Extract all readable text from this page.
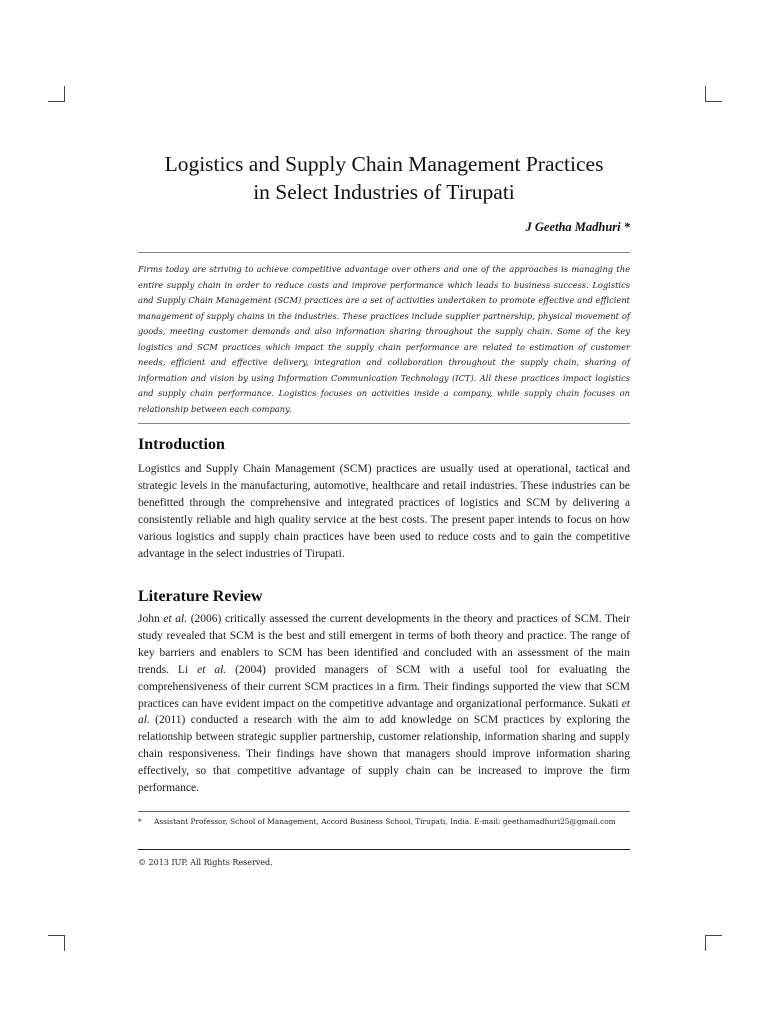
Logistics and Supply Chain Management Practices
in Select Industries of Tirupati
J Geetha Madhuri *

Firms today are striving to achieve competitive advantage over others and one of the approaches is managing the entire supply chain in order to reduce costs and improve performance which leads to business success. Logistics and Supply Chain Management (SCM) practices are a set of activities undertaken to promote effective and efficient management of supply chains in the industries. These practices include supplier partnership, physical movement of goods, meeting customer demands and also information sharing throughout the supply chain. Some of the key logistics and SCM practices which impact the supply chain performance are related to estimation of customer needs, efficient and effective delivery, integration and collaboration throughout the supply chain, sharing of information and vision by using Information Communication Technology (ICT). All these practices impact logistics and supply chain performance. Logistics focuses on activities inside a company, while supply chain focuses on relationship between each company.

Introduction

Logistics and Supply Chain Management (SCM) practices are usually used at operational, tactical and strategic levels in the manufacturing, automotive, healthcare and retail industries. These industries can be benefitted through the comprehensive and integrated practices of logistics and SCM by delivering a consistently reliable and high quality service at the best costs. The present paper intends to focus on how various logistics and supply chain practices have been used to reduce costs and to gain the competitive advantage in the select industries of Tirupati.

Literature Review

John et al. (2006) critically assessed the current developments in the theory and practices of SCM. Their study revealed that SCM is the best and still emergent in terms of both theory and practice. The range of key barriers and enablers to SCM has been identified and concluded with an assessment of the main trends. Li et al. (2004) provided managers of SCM with a useful tool for evaluating the comprehensiveness of their current SCM practices in a firm. Their findings supported the view that SCM practices can have evident impact on the competitive advantage and organizational performance. Sukati et al. (2011) conducted a research with the aim to add knowledge on SCM practices by exploring the relationship between strategic supplier partnership, customer relationship, information sharing and supply chain responsiveness. Their findings have shown that managers should improve information sharing effectively, so that competitive advantage of supply chain can be increased to improve the firm performance.

* Assistant Professor, School of Management, Accord Business School, Tirupati, India. E-mail: geethamadhuri25@gmail.com
© 2013 IUP. All Rights Reserved.
